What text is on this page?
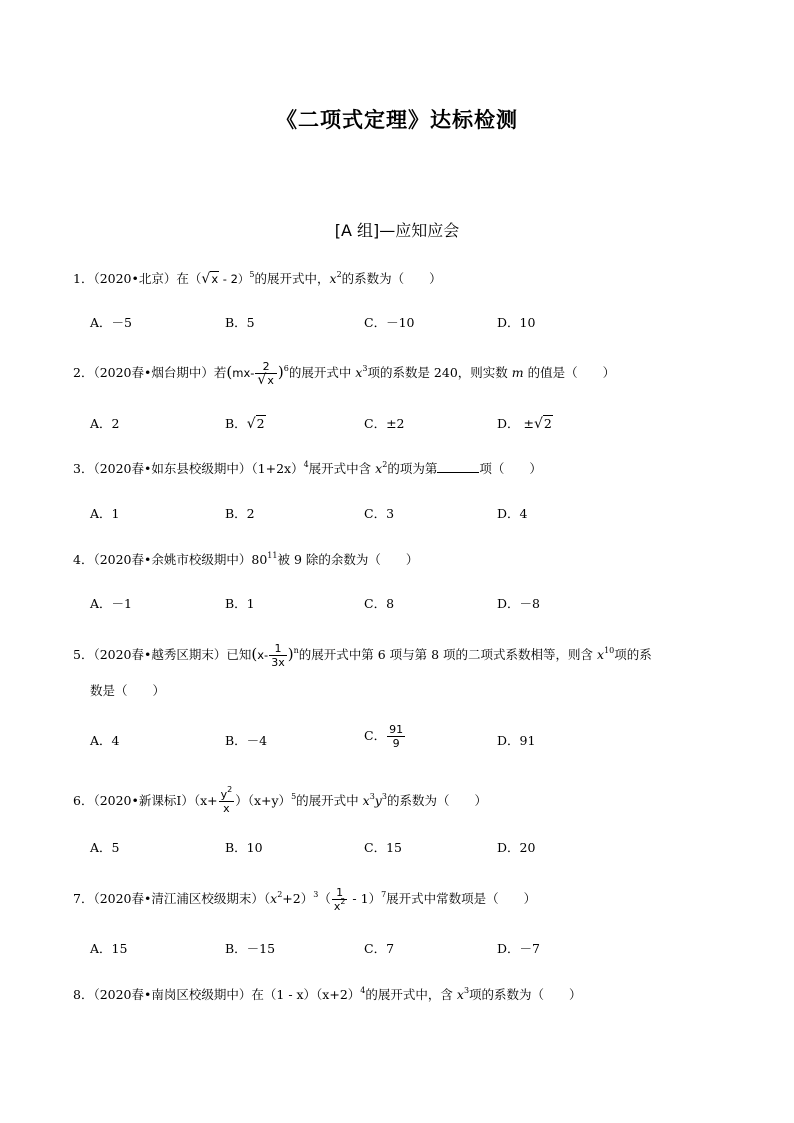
《二项式定理》达标检测
[A 组]—应知应会
1．（2020•北京）在（√x - 2）$^5$的展开式中，$x^2$的系数为（　　）
A．－5	B．5	C．－10	D．10
2．（2020春•烟台期中）若$(mx- \frac{2}{√x} )^6$的展开式中 $x^3$项的系数是 240，则实数 m 的值是（　　）
A．2	B．√2	C．±2	D． ±√2
3．（2020春•如东县校级期中）$(1+2x)^4$展开式中含 $x^2$的项为第	项（　　）
A．1	B．2	C．3	D．4
4．（2020春•余姚市校级期中）$80^{11}$被 9 除的余数为（　　）
A．－1	B．1	C．8	D．－8
5．（2020春•越秀区期末）已知$(x- \frac{1}{3x} )^n$的展开式中第 6 项与第 8 项的二项式系数相等，则含 $x^{10}$项的系
数是（　　）
A．4	B．－4	C． $\frac{91}{9}$	D．91
6．（2020•新课标Ⅰ）（x+ $\frac{y^2}{x} )(x+y)^5$的展开式中 $x^3y^3$的系数为（　　）
A．5	B．10	C．15	D．20
7．（2020春•清江浦区校级期末）$(x^2+2)^3( \frac{1}{x^2} - 1)^7$展开式中常数项是（　　）
A．15	B．－15	C．7	D．－7
8．（2020春•南岗区校级期中）在$(1 - x)(x+2)^4$的展开式中，含 $x^3$项的系数为（　　）
